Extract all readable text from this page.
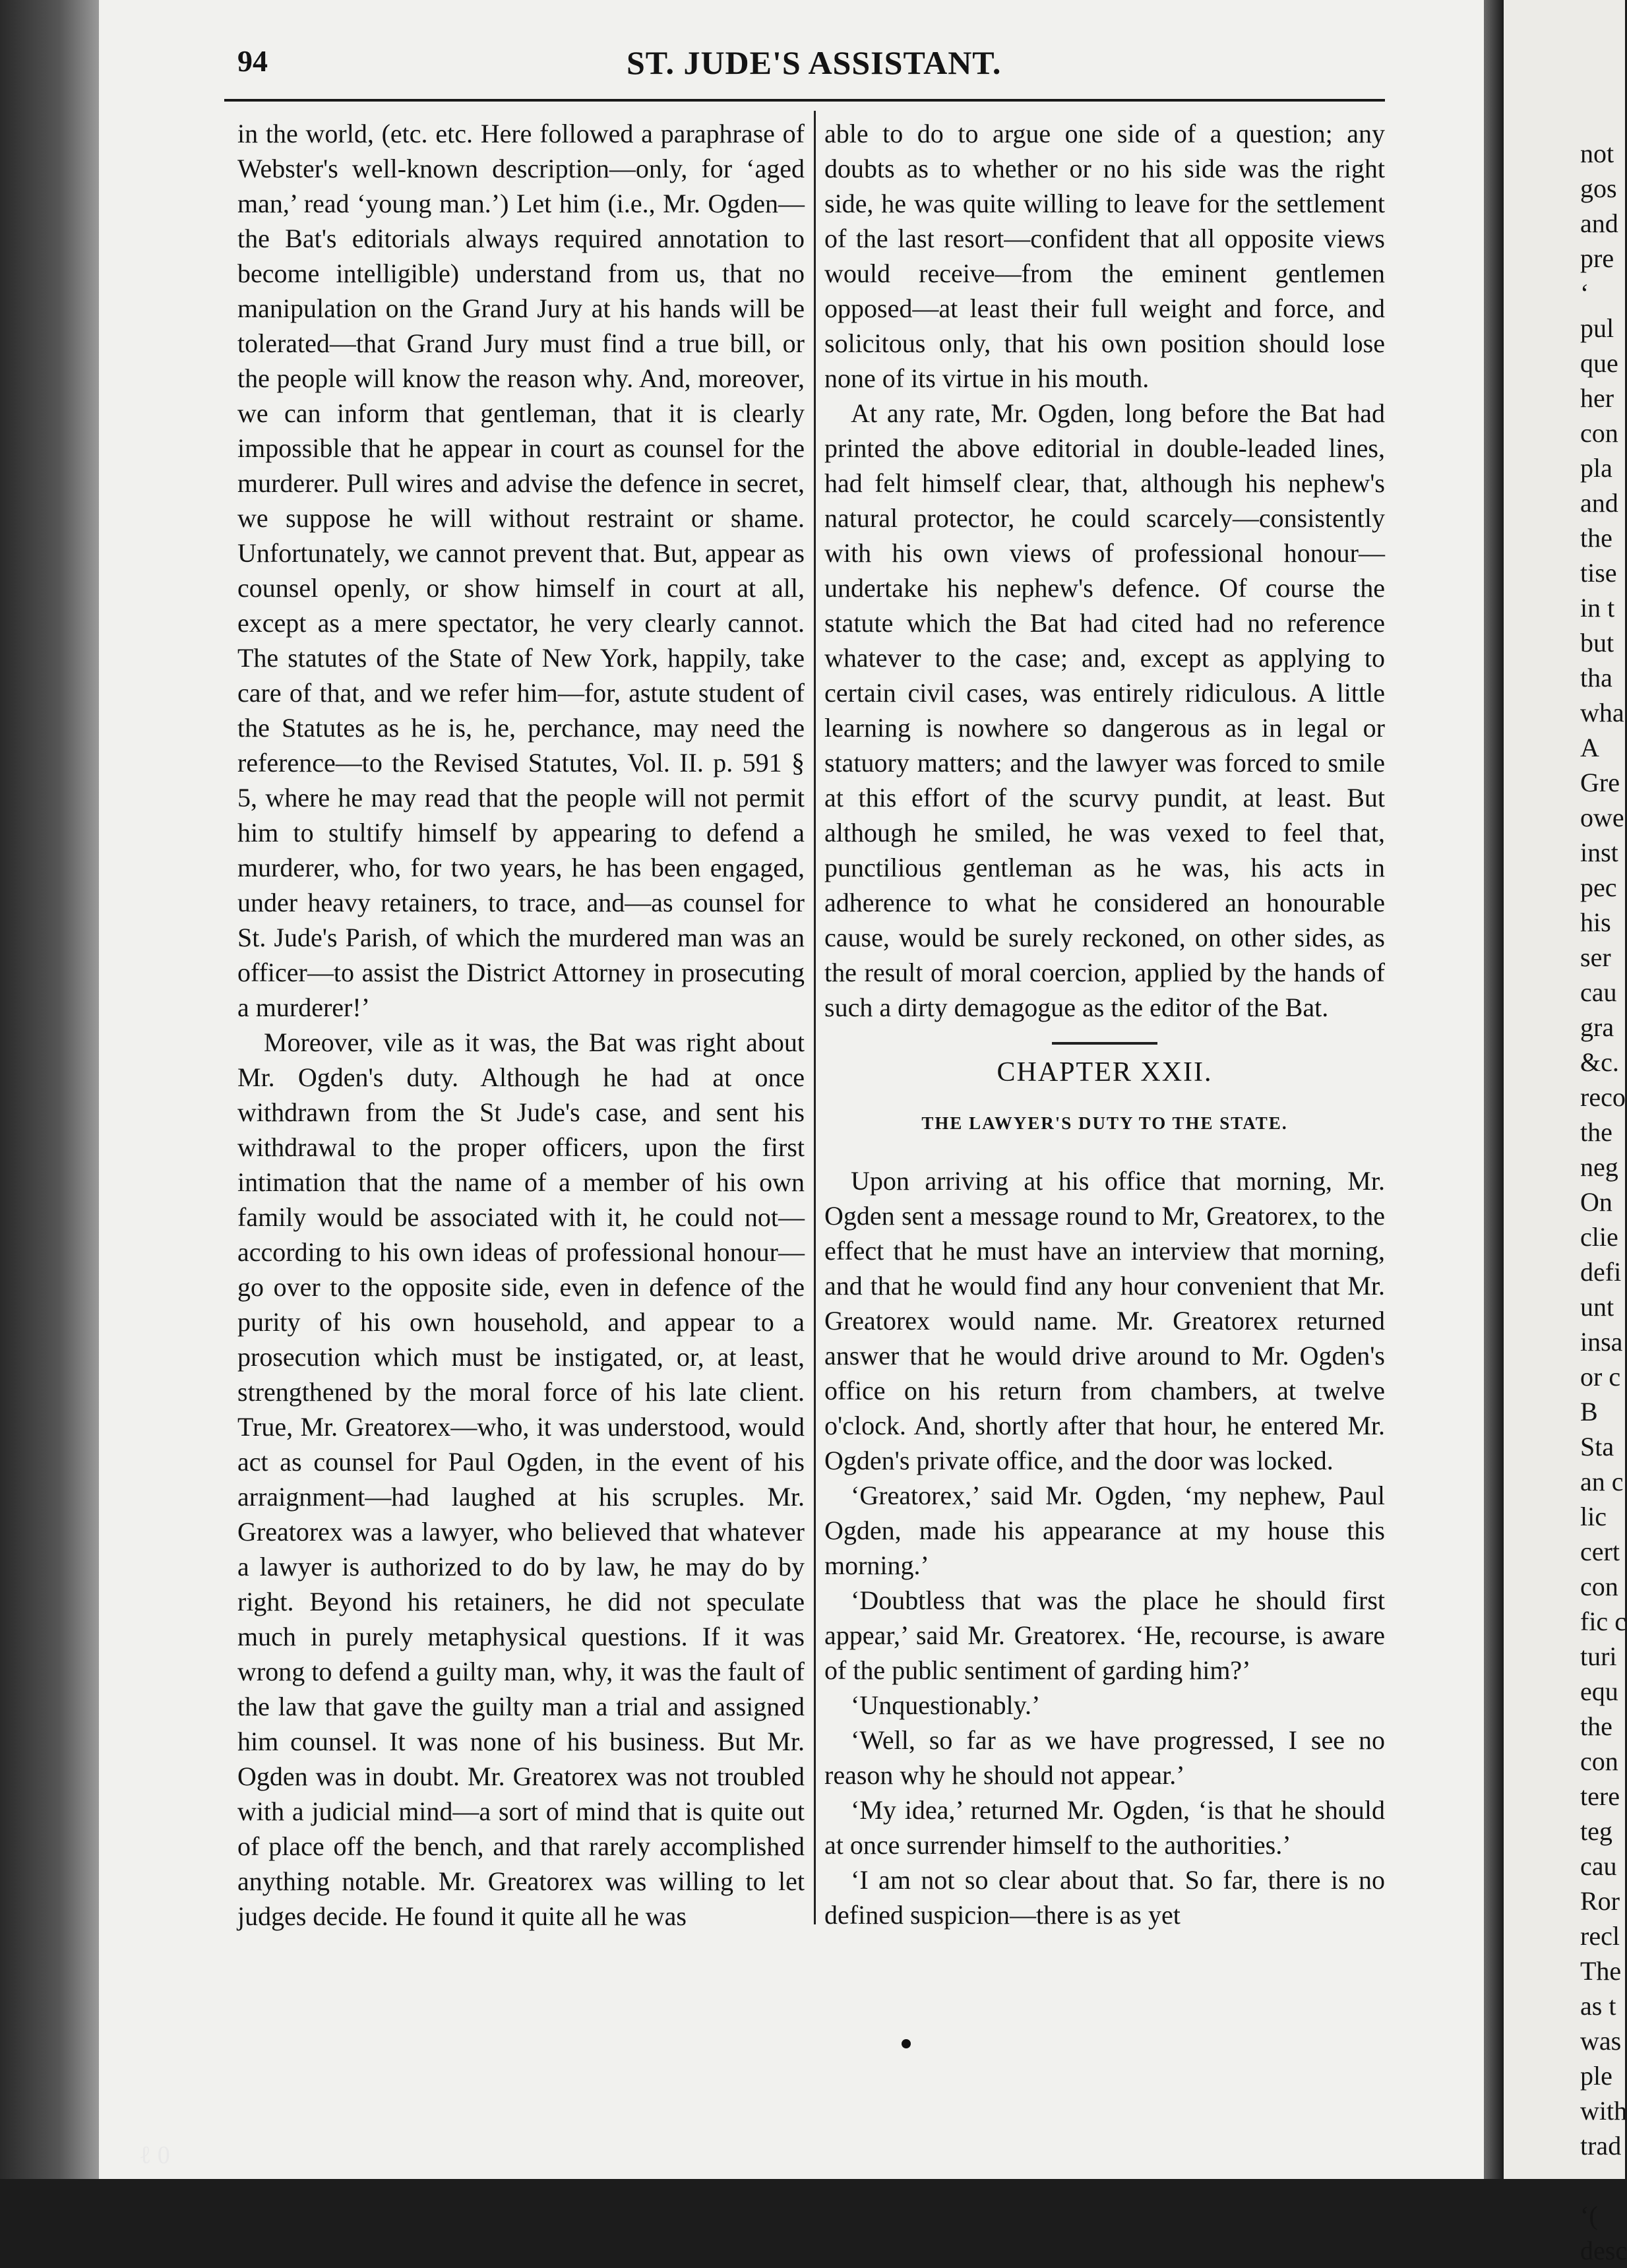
94	ST. JUDE'S ASSISTANT.

in the world, (etc. etc. Here followed a paraphrase of Webster's well-known description—only, for ‘aged man,’ read ‘young man.’) Let him (i.e., Mr. Ogden—the Bat's editorials always required annotation to become intelligible) understand from us, that no manipulation on the Grand Jury at his hands will be tolerated—that Grand Jury must find a true bill, or the people will know the reason why. And, moreover, we can inform that gentleman, that it is clearly impossible that he appear in court as counsel for the murderer. Pull wires and advise the defence in secret, we suppose he will without restraint or shame. Unfortunately, we cannot prevent that. But, appear as counsel openly, or show himself in court at all, except as a mere spectator, he very clearly cannot. The statutes of the State of New York, happily, take care of that, and we refer him—for, astute student of the Statutes as he is, he, perchance, may need the reference—to the Revised Statutes, Vol. II. p. 591 § 5, where he may read that the people will not permit him to stultify himself by appearing to defend a murderer, who, for two years, he has been engaged, under heavy retainers, to trace, and—as counsel for St. Jude's Parish, of which the murdered man was an officer—to assist the District Attorney in prosecuting a murderer!’

Moreover, vile as it was, the Bat was right about Mr. Ogden's duty. Although he had at once withdrawn from the St Jude's case, and sent his withdrawal to the proper officers, upon the first intimation that the name of a member of his own family would be associated with it, he could not—according to his own ideas of professional honour—go over to the opposite side, even in defence of the purity of his own household, and appear to a prosecution which must be instigated, or, at least, strengthened by the moral force of his late client. True, Mr. Greatorex—who, it was understood, would act as counsel for Paul Ogden, in the event of his arraignment—had laughed at his scruples. Mr. Greatorex was a lawyer, who believed that whatever a lawyer is authorized to do by law, he may do by right. Beyond his retainers, he did not speculate much in purely metaphysical questions. If it was wrong to defend a guilty man, why, it was the fault of the law that gave the guilty man a trial and assigned him counsel. It was none of his business. But Mr. Ogden was in doubt. Mr. Greatorex was not troubled with a judicial mind—a sort of mind that is quite out of place off the bench, and that rarely accomplished anything notable. Mr. Greatorex was willing to let judges decide. He found it quite all he was

able to do to argue one side of a question; any doubts as to whether or no his side was the right side, he was quite willing to leave for the settlement of the last resort—confident that all opposite views would receive—from the eminent gentlemen opposed—at least their full weight and force, and solicitous only, that his own position should lose none of its virtue in his mouth.

At any rate, Mr. Ogden, long before the Bat had printed the above editorial in double-leaded lines, had felt himself clear, that, although his nephew's natural protector, he could scarcely—consistently with his own views of professional honour—undertake his nephew's defence. Of course the statute which the Bat had cited had no reference whatever to the case; and, except as applying to certain civil cases, was entirely ridiculous. A little learning is nowhere so dangerous as in legal or statuory matters; and the lawyer was forced to smile at this effort of the scurvy pundit, at least. But although he smiled, he was vexed to feel that, punctilious gentleman as he was, his acts in adherence to what he considered an honourable cause, would be surely reckoned, on other sides, as the result of moral coercion, applied by the hands of such a dirty demagogue as the editor of the Bat.

CHAPTER XXII.
THE LAWYER'S DUTY TO THE STATE.

Upon arriving at his office that morning, Mr. Ogden sent a message round to Mr, Greatorex, to the effect that he must have an interview that morning, and that he would find any hour convenient that Mr. Greatorex would name. Mr. Greatorex returned answer that he would drive around to Mr. Ogden's office on his return from chambers, at twelve o'clock. And, shortly after that hour, he entered Mr. Ogden's private office, and the door was locked.

‘Greatorex,’ said Mr. Ogden, ‘my nephew, Paul Ogden, made his appearance at my house this morning.’

‘Doubtless that was the place he should first appear,’ said Mr. Greatorex. ‘He, recourse, is aware of the public sentiment of garding him?’

‘Unquestionably.’

‘Well, so far as we have progressed, I see no reason why he should not appear.’

‘My idea,’ returned Mr. Ogden, ‘is that he should at once surrender himself to the authorities.’

‘I am not so clear about that. So far, there is no defined suspicion—there is as yet

not
gos
and
pre
‘
pul
que
her
con
pla
and
the
tise
in t
but
tha
wha
A
Gre
owe
inst
pec
his
ser
cau
gra
&c.
reco
the
neg
On
clie
defi
unt
insa
or c
B
Sta
an c
lic
cert
con
fic c
turi
equ
the
con
tere
teg
cau
Ror
recl
The
as t
was
ple
with
trad
‘(
desc
ℓ 0
